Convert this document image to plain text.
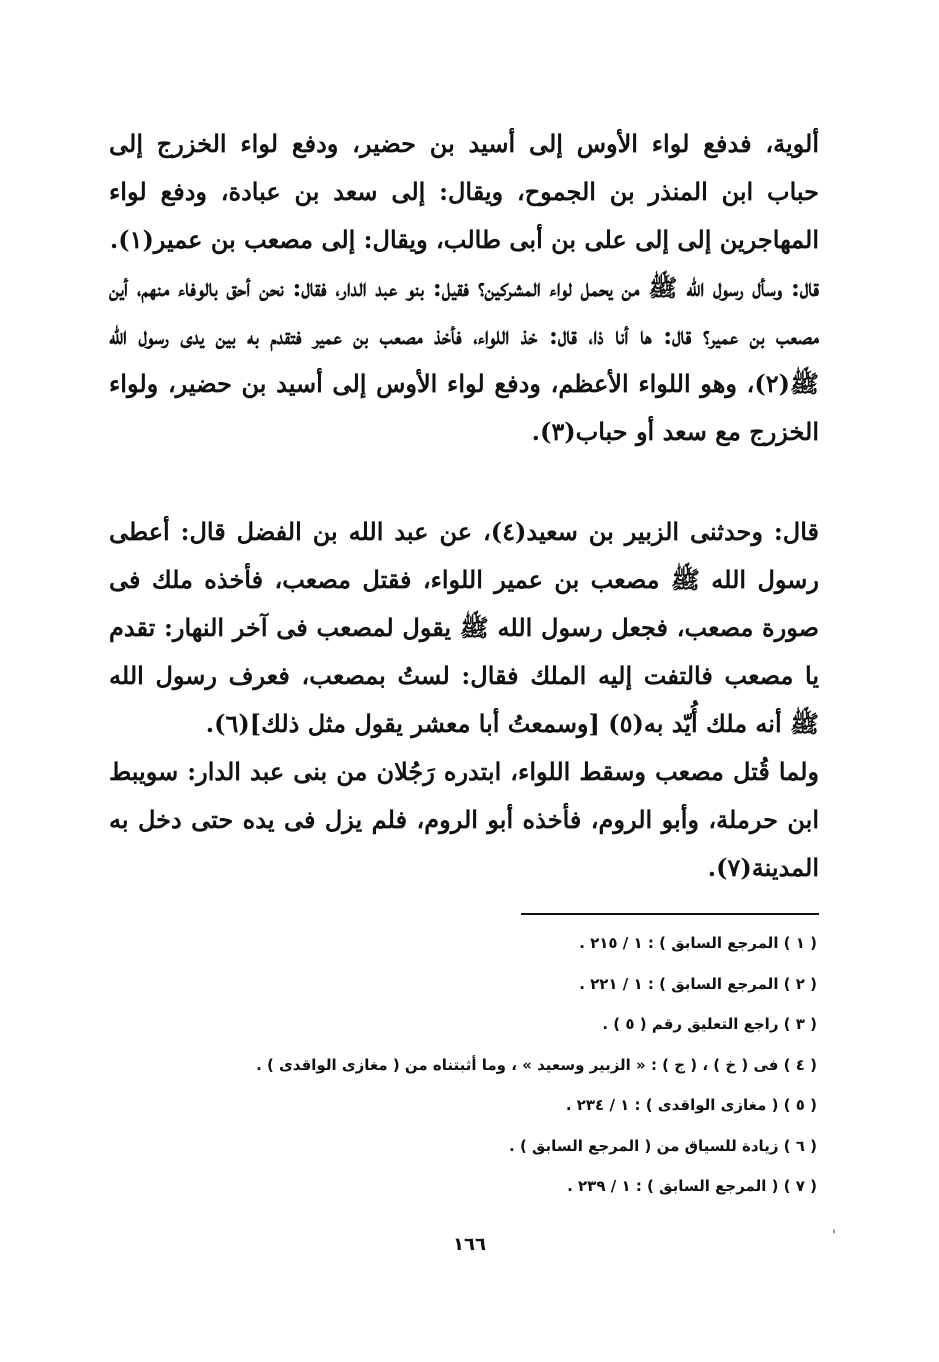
ألوية، فدفع لواء الأوس إلى أسيد بن حضير، ودفع لواء الخزرج إلى حباب ابن المنذر بن الجموح، ويقال: إلى سعد بن عبادة، ودفع لواء المهاجرين إلى إلى على بن أبى طالب، ويقال: إلى مصعب بن عمير(١).

قال: وسأل رسول الله ﷺ من يحمل لواء المشركين؟ فقيل: بنو عبد الدار، فقال: نحن أحق بالوفاء منهم، أين مصعب بن عمير؟ قال: ها أنا ذا، قال: خذ اللواء، فأخذ مصعب بن عمير فتقدم به بين يدى رسول الله ﷺ(٢)، وهو اللواء الأعظم، ودفع لواء الأوس إلى أسيد بن حضير، ولواء الخزرج مع سعد أو حباب(٣).

قال: وحدثنى الزبير بن سعيد(٤)، عن عبد الله بن الفضل قال: أعطى رسول الله ﷺ مصعب بن عمير اللواء، فقتل مصعب، فأخذه ملك فى صورة مصعب، فجعل رسول الله ﷺ يقول لمصعب فى آخر النهار: تقدم يا مصعب فالتفت إليه الملك فقال: لستُ بمصعب، فعرف رسول الله ﷺ أنه ملك أُيّد به(٥) [وسمعتُ أبا معشر يقول مثل ذلك](٦).

ولما قُتل مصعب وسقط اللواء، ابتدره رَجُلان من بنى عبد الدار: سويبط ابن حرملة، وأبو الروم، فأخذه أبو الروم، فلم يزل فى يده حتى دخل به المدينة(٧).

( ١ ) المرجع السابق ) : ١ / ٢١٥ .
( ٢ ) المرجع السابق ) : ١ / ٢٢١ .
( ٣ ) راجع التعليق رقم ( ٥ ) .
( ٤ ) فى ( خ ) ، ( ج ) : « الزبير وسعيد » ، وما أثبتناه من ( مغازى الواقدى ) .
( ٥ ) ( مغازى الواقدى ) : ١ / ٢٣٤ .
( ٦ ) زيادة للسياق من ( المرجع السابق ) .
( ٧ ) ( المرجع السابق ) : ١ / ٢٣٩ .
١٦٦	'
